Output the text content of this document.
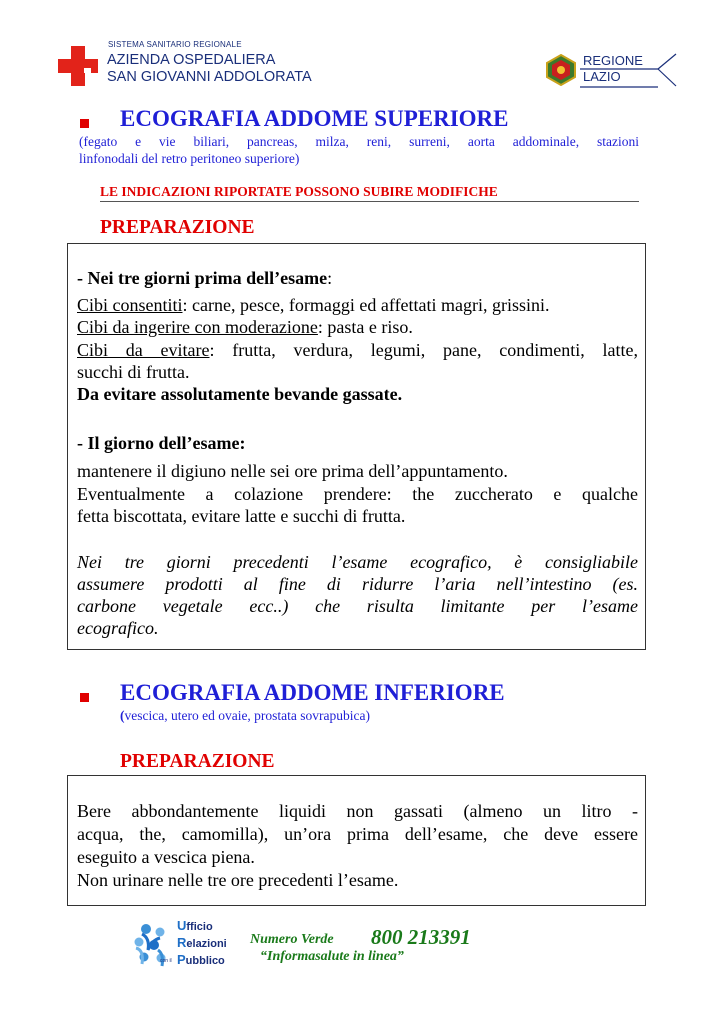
SISTEMA SANITARIO REGIONALE
AZIENDA OSPEDALIERA
SAN GIOVANNI ADDOLORATA
REGIONE
LAZIO
ECOGRAFIA ADDOME SUPERIORE
(fegato e vie biliari, pancreas, milza, reni, surreni, aorta addominale, stazioni
linfonodali del retro peritoneo superiore)
LE INDICAZIONI RIPORTATE POSSONO SUBIRE MODIFICHE
PREPARAZIONE
- Nei tre giorni prima dell’esame:
Cibi consentiti: carne, pesce, formaggi ed affettati magri, grissini.
Cibi da ingerire con moderazione: pasta e riso.
Cibi da evitare: frutta, verdura, legumi, pane, condimenti, latte,
succhi di frutta.
Da evitare assolutamente bevande gassate.
- Il giorno dell’esame:
mantenere il digiuno nelle sei ore prima dell’appuntamento.
Eventualmente a colazione prendere: the zuccherato e qualche
fetta biscottata, evitare latte e succhi di frutta.
Nei tre giorni precedenti l’esame ecografico, è consigliabile
assumere prodotti al fine di ridurre l’aria nell’intestino (es.
carbone vegetale ecc..) che risulta limitante per l’esame
ecografico.
ECOGRAFIA ADDOME INFERIORE
(vescica, utero ed ovaie, prostata sovrapubica)
PREPARAZIONE
Bere abbondantemente liquidi non gassati (almeno un litro -
acqua, the, camomilla), un’ora prima dell’esame, che deve essere
eseguito a vescica piena.
Non urinare nelle tre ore precedenti l’esame.
Ufficio
Relazioni
Pubblico
con il
Numero Verde 800 213391
“Informasalute in linea”
